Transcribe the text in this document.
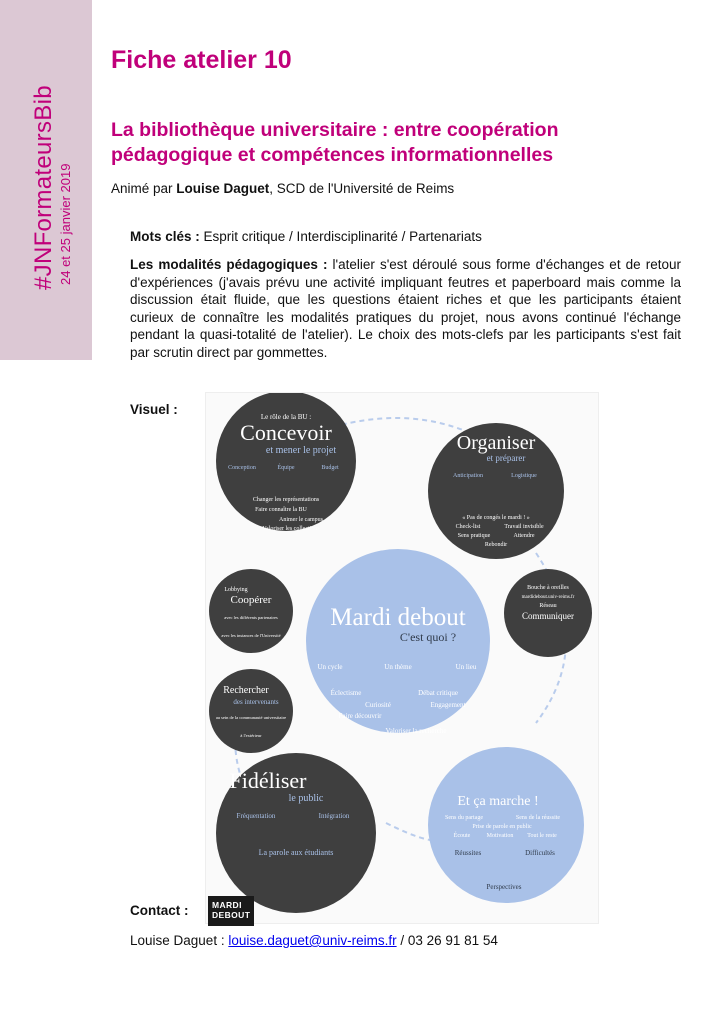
#JNFormateursBib 24 et 25 janvier 2019
Fiche atelier 10
La bibliothèque universitaire : entre coopération pédagogique et compétences informationnelles
Animé par Louise Daguet, SCD de l'Université de Reims
Mots clés : Esprit critique / Interdisciplinarité / Partenariats

Les modalités pédagogiques : l'atelier s'est déroulé sous forme d'échanges et de retour d'expériences (j'avais prévu une activité impliquant feutres et paperboard mais comme la discussion était fluide, que les questions étaient riches et que les participants étaient curieux de connaître les modalités pratiques du projet, nous avons continué l'échange pendant la quasi-totalité de l'atelier). Le choix des mots-clefs par les participants s'est fait par scrutin direct par gommettes.

Visuel :	Le rôle de la BU :
Concevoir
et mener le projet
Conception	Équipe	Budget
Changer les représentations
Faire connaître la BU
Animer le campus
Valoriser les collections
Organiser
et préparer
Anticipation	Logistique
« Pas de congés le mardi ! »
Check-list	Travail invisible
Sens pratique	Attendre
Rebondir
Lobbying
Coopérer
avec les différents partenaires
avec les instances de l'Université
Rechercher
des intervenants
au sein de la communauté universitaire
à l'extérieur
Mardi debout
C'est quoi ?
Un cycle	Un thème	Un lieu
Éclectisme
Curiosité
Débat critique
Engagement
Faire découvrir
Valoriser la recherche
Bouche à oreilles
mardidebout.univ-reims.fr
Réseau
Communiquer
Fidéliser
le public
Fréquentation	Intégration
La parole aux étudiants
Et ça marche !
Sens du partage	Sens de la réussite
Prise de parole en public
Écoute	Motivation Tout le reste
Réussites	Difficultés
Perspectives
MARDI DEBOUT
Contact :
Louise Daguet : louise.daguet@univ-reims.fr / 03 26 91 81 54
